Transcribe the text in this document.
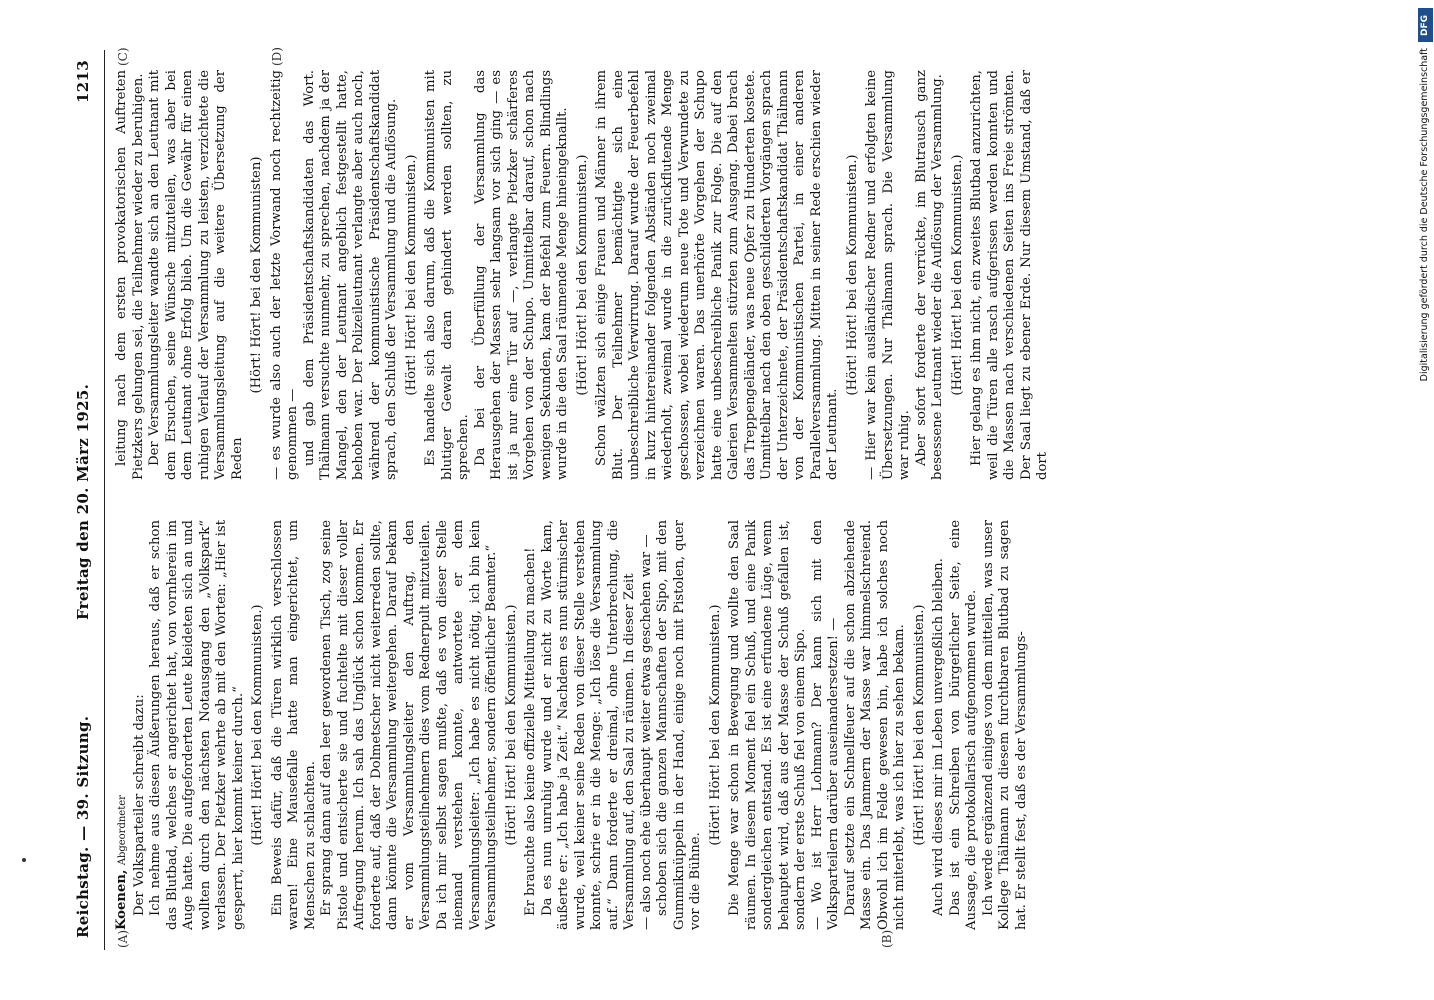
Reichstag. — 39. Sitzung.
Freitag den 20. März 1925.
1213
(A)	(B)
(C)	(D)

Koenen, Abgeordneter Der Volksparteiler schreibt dazu: Ich nehme aus diesen Äußerungen heraus, daß er schon das Blutbad, welches er angerichtet hat, von vornherein im Auge hatte. Die aufgeforderten Leute kleideten sich an und wollten durch den nächsten Notausgang den „Volkspark“ verlassen. Der Pietzker wehrte ab mit den Worten: „Hier ist gesperrt, hier kommt keiner durch.“ (Hört! Hört! bei den Kommunisten.) Ein Beweis dafür, daß die Türen wirklich verschlossen waren! Eine Mausefalle hatte man eingerichtet, um Menschen zu schlachten. Er sprang dann auf den leer gewordenen Tisch, zog seine Pistole und entsicherte sie und fuchtelte mit dieser voller Aufregung herum. Ich sah das Unglück schon kommen. Er forderte auf, daß der Dolmetscher nicht weiterreden sollte, dann könnte die Versammlung weitergehen. Darauf bekam er vom Versammlungsleiter den Auftrag, den Versammlungsteilnehmern dies vom Rednerpult mitzuteilen. Da ich mir selbst sagen mußte, daß es von dieser Stelle niemand verstehen konnte, antwortete er dem Versammlungsleiter: „Ich habe es nicht nötig, ich bin kein Versammlungsteilnehmer, sondern öffentlicher Beamter.“ (Hört! Hört! bei den Kommunisten.) Er brauchte also keine offizielle Mitteilung zu machen! Da es nun unruhig wurde und er nicht zu Worte kam, äußerte er: „Ich habe ja Zeit.“ Nachdem es nun stürmischer wurde, weil keiner seine Reden von dieser Stelle verstehen konnte, schrie er in die Menge: „Ich löse die Versammlung auf.“ Dann forderte er dreimal, ohne Unterbrechung, die Versammlung auf, den Saal zu räumen. In dieser Zeit — also noch ehe überhaupt weiter etwas geschehen war — schoben sich die ganzen Mannschaften der Sipo, mit den Gummiknüppeln in der Hand, einige noch mit Pistolen, quer vor die Bühne.

(Hört! Hört! bei den Kommunisten.) Die Menge war schon in Bewegung und wollte den Saal räumen. In diesem Moment fiel ein Schuß, und eine Panik sondergleichen entstand. Es ist eine erfundene Lüge, wenn behauptet wird, daß aus der Masse der Schuß gefallen ist, sondern der erste Schuß fiel von einem Sipo. — Wo ist Herr Lohmann? Der kann sich mit den Volksparteilern darüber auseinandersetzen! — Darauf setzte ein Schnellfeuer auf die schon abziehende Masse ein. Das Jammern der Masse war himmelschreiend. Obwohl ich im Felde gewesen bin, habe ich solches noch nicht miterlebt, was ich hier zu sehen bekam. (Hört! Hört! bei den Kommunisten.) Auch wird dieses mir im Leben unvergeßlich bleiben. Das ist ein Schreiben von bürgerlicher Seite, eine Aussage, die protokollarisch aufgenommen wurde. Ich werde ergänzend einiges von dem mitteilen, was unser Kollege Thälmann zu diesem furchtbaren Blutbad zu sagen hat. Er stellt fest, daß es der Versammlungs-

leitung nach dem ersten provokatorischen Auftreten Pietzkers gelungen sei, die Teilnehmer wieder zu beruhigen. Der Versammlungsleiter wandte sich an den Leutnant mit dem Ersuchen, seine Wünsche mitzuteilen, was aber bei dem Leutnant ohne Erfolg blieb. Um die Gewähr für einen ruhigen Verlauf der Versammlung zu leisten, verzichtete die Versammlungsleitung auf die weitere Übersetzung der Reden

(Hört! Hört! bei den Kommunisten) — es wurde also auch der letzte Vorwand noch rechtzeitig genommen — und gab dem Präsidentschaftskandidaten das Wort. Thälmann versuchte nunmehr, zu sprechen, nachdem ja der Mangel, den der Leutnant angeblich festgestellt hatte, behoben war. Der Polizeileutnant verlangte aber auch noch, während der kommunistische Präsidentschaftskandidat sprach, den Schluß der Versammlung und die Auflösung. (Hört! Hört! bei den Kommunisten.) Es handelte sich also darum, daß die Kommunisten mit blutiger Gewalt daran gehindert werden sollten, zu sprechen. Da bei der Überfüllung der Versammlung das Herausgehen der Massen sehr langsam vor sich ging — es ist ja nur eine Tür auf —, verlangte Pietzker schärferes Vorgehen von der Schupo. Unmittelbar darauf, schon nach wenigen Sekunden, kam der Befehl zum Feuern. Blindlings wurde in die den Saal räumende Menge hineingeknallt. (Hört! Hört! bei den Kommunisten.) Schon wälzten sich einige Frauen und Männer in ihrem Blut. Der Teilnehmer bemächtigte sich eine unbeschreibliche Verwirrung. Darauf wurde der Feuerbefehl in kurz hintereinander folgenden Abständen noch zweimal wiederholt, zweimal wurde in die zurückflutende Menge geschossen, wobei wiederum neue Tote und Verwundete zu verzeichnen waren. Das unerhörte Vorgehen der Schupo hatte eine unbeschreibliche Panik zur Folge. Die auf den Galerien Versammelten stürzten zum Ausgang. Dabei brach das Treppengeländer, was neue Opfer zu Hunderten kostete. Unmittelbar nach den oben geschilderten Vorgängen sprach der Unterzeichnete, der Präsidentschaftskandidat Thälmann von der Kommunistischen Partei, in einer anderen Parallelversammlung. Mitten in seiner Rede erschien wieder der Leutnant.

(Hört! Hört! bei den Kommunisten.) — Hier war kein ausländischer Redner und erfolgten keine Übersetzungen. Nur Thälmann sprach. Die Versammlung war ruhig. Aber sofort forderte der verrückte, im Blutrausch ganz besessene Leutnant wieder die Auflösung der Versammlung. (Hört! Hört! bei den Kommunisten.) Hier gelang es ihm nicht, ein zweites Blutbad anzurichten, weil die Türen alle rasch aufgerissen werden konnten und die Massen nach verschiedenen Seiten ins Freie strömten. Der Saal liegt zu ebener Erde. Nur diesem Umstand, daß er dort

DFG
Digitalisierung gefördert durch die Deutsche Forschungsgemeinschaft
